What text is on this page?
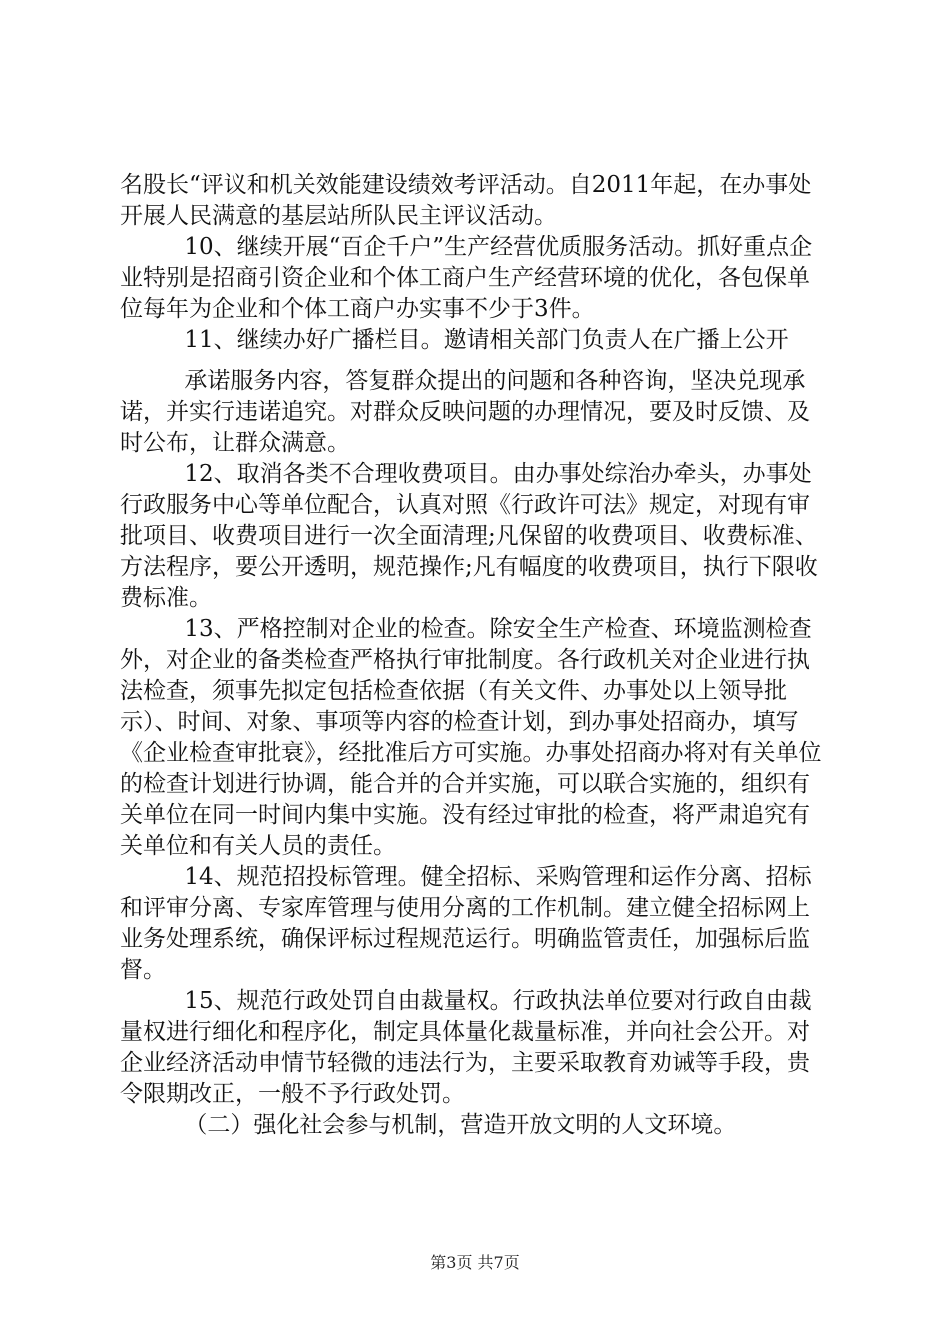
名股长“评议和机关效能建设绩效考评活动。自2011年起，在办事处开展人民满意的基层站所队民主评议活动。

10、继续开展“百企千户”生产经营优质服务活动。抓好重点企业特别是招商引资企业和个体工商户生产经营环境的优化，各包保单位每年为企业和个体工商户办实事不少于3件。

11、继续办好广播栏目。邀请相关部门负责人在广播上公开

承诺服务内容，答复群众提出的问题和各种咨询，坚决兑现承诺，并实行违诺追究。对群众反映问题的办理情况，要及时反馈、及时公布，让群众满意。

12、取消各类不合理收费项目。由办事处综治办牵头，办事处行政服务中心等单位配合，认真对照《行政许可法》规定，对现有审批项目、收费项目进行一次全面清理;凡保留的收费项目、收费标准、方法程序，要公开透明，规范操作;凡有幅度的收费项目，执行下限收费标准。

13、严格控制对企业的检查。除安全生产检查、环境监测检查外，对企业的备类检查严格执行审批制度。各行政机关对企业进行执法检查，须事先拟定包括检查依据（有关文件、办事处以上领导批示）、时间、对象、事项等内容的检查计划，到办事处招商办，填写《企业检查审批衰》，经批准后方可实施。办事处招商办将对有关单位的检查计划进行协调，能合并的合并实施，可以联合实施的，组织有关单位在同一时间内集中实施。没有经过审批的检查，将严肃追究有关单位和有关人员的责任。

14、规范招投标管理。健全招标、采购管理和运作分离、招标和评审分离、专家库管理与使用分离的工作机制。建立健全招标网上业务处理系统，确保评标过程规范运行。明确监管责任，加强标后监督。

15、规范行政处罚自由裁量权。行政执法单位要对行政自由裁量权进行细化和程序化，制定具体量化裁量标准，并向社会公开。对企业经济活动申情节轻微的违法行为，主要采取教育劝诫等手段，贵令限期改正，一般不予行政处罚。

（二）强化社会参与机制，营造开放文明的人文环境。

第3页 共7页
